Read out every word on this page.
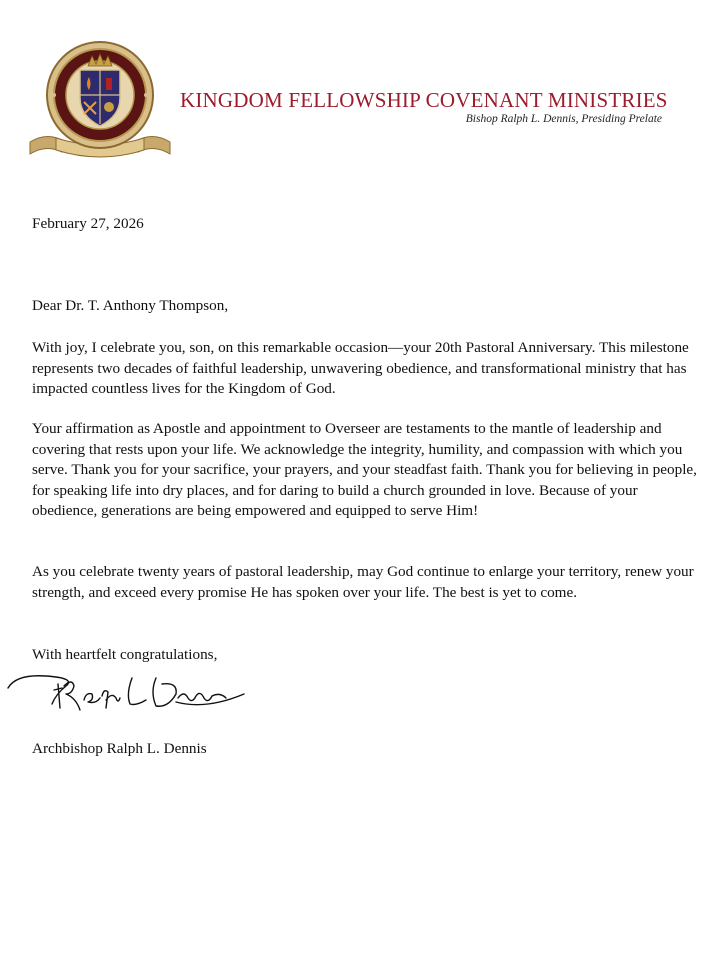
KINGDOM FELLOWSHIP COVENANT MINISTRIES
Bishop Ralph L. Dennis, Presiding Prelate
February 27, 2026
Dear Dr. T. Anthony Thompson,

With joy, I celebrate you, son, on this remarkable occasion—your 20th Pastoral Anniversary. This milestone represents two decades of faithful leadership, unwavering obedience, and transformational ministry that has impacted countless lives for the Kingdom of God.

Your affirmation as Apostle and appointment to Overseer are testaments to the mantle of leadership and covering that rests upon your life. We acknowledge the integrity, humility, and compassion with which you serve. Thank you for your sacrifice, your prayers, and your steadfast faith. Thank you for believing in people, for speaking life into dry places, and for daring to build a church grounded in love. Because of your obedience, generations are being empowered and equipped to serve Him!

As you celebrate twenty years of pastoral leadership, may God continue to enlarge your territory, renew your strength, and exceed every promise He has spoken over your life. The best is yet to come.

With heartfelt congratulations,
Archbishop Ralph L. Dennis
